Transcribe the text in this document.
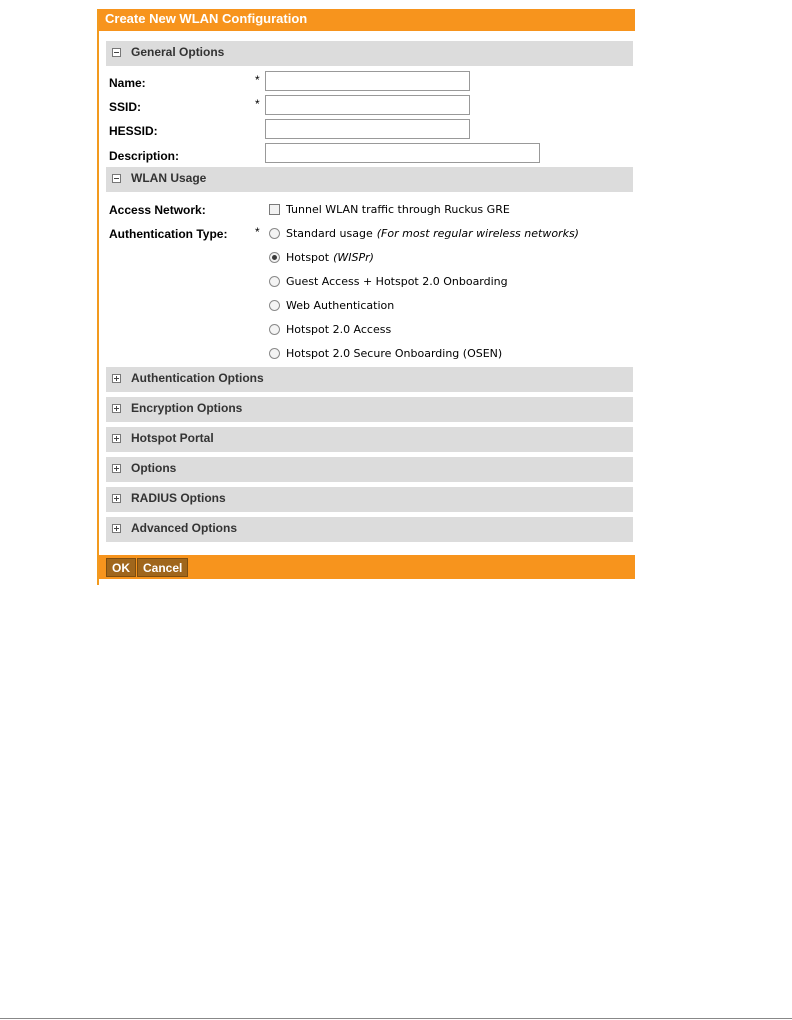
Create New WLAN Configuration
General Options
Name:	*
SSID:	*
HESSID:
Description:
WLAN Usage
Access Network:	Tunnel WLAN traffic through Ruckus GRE
Authentication Type: * Standard usage (For most regular wireless networks)
Hotspot (WISPr)
Guest Access + Hotspot 2.0 Onboarding
Web Authentication
Hotspot 2.0 Access
Hotspot 2.0 Secure Onboarding (OSEN)
Authentication Options
Encryption Options
Hotspot Portal
Options
RADIUS Options
Advanced Options
OK	Cancel
